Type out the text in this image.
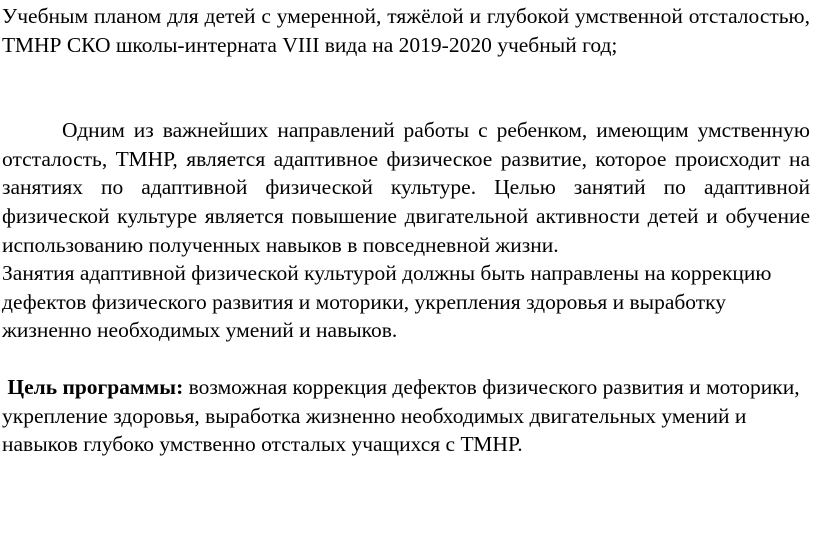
Учебным планом для детей с умеренной, тяжёлой и глубокой умственной отсталостью, ТМНР СКО школы-интерната VIII вида на 2019-2020 учебный год;

Одним из важнейших направлений работы с ребенком, имеющим умственную отсталость, ТМНР, является адаптивное физическое развитие, которое происходит на занятиях по адаптивной физической культуре. Целью занятий по адаптивной физической культуре является повышение двигательной активности детей и обучение использованию полученных навыков в повседневной жизни.

Занятия адаптивной физической культурой должны быть направлены на коррекцию дефектов физического развития и моторики, укрепления здоровья и выработку жизненно необходимых умений и навыков.

Цель программы: возможная коррекция дефектов физического развития и моторики, укрепление здоровья, выработка жизненно необходимых двигательных умений и навыков глубоко умственно отсталых учащихся с ТМНР.
